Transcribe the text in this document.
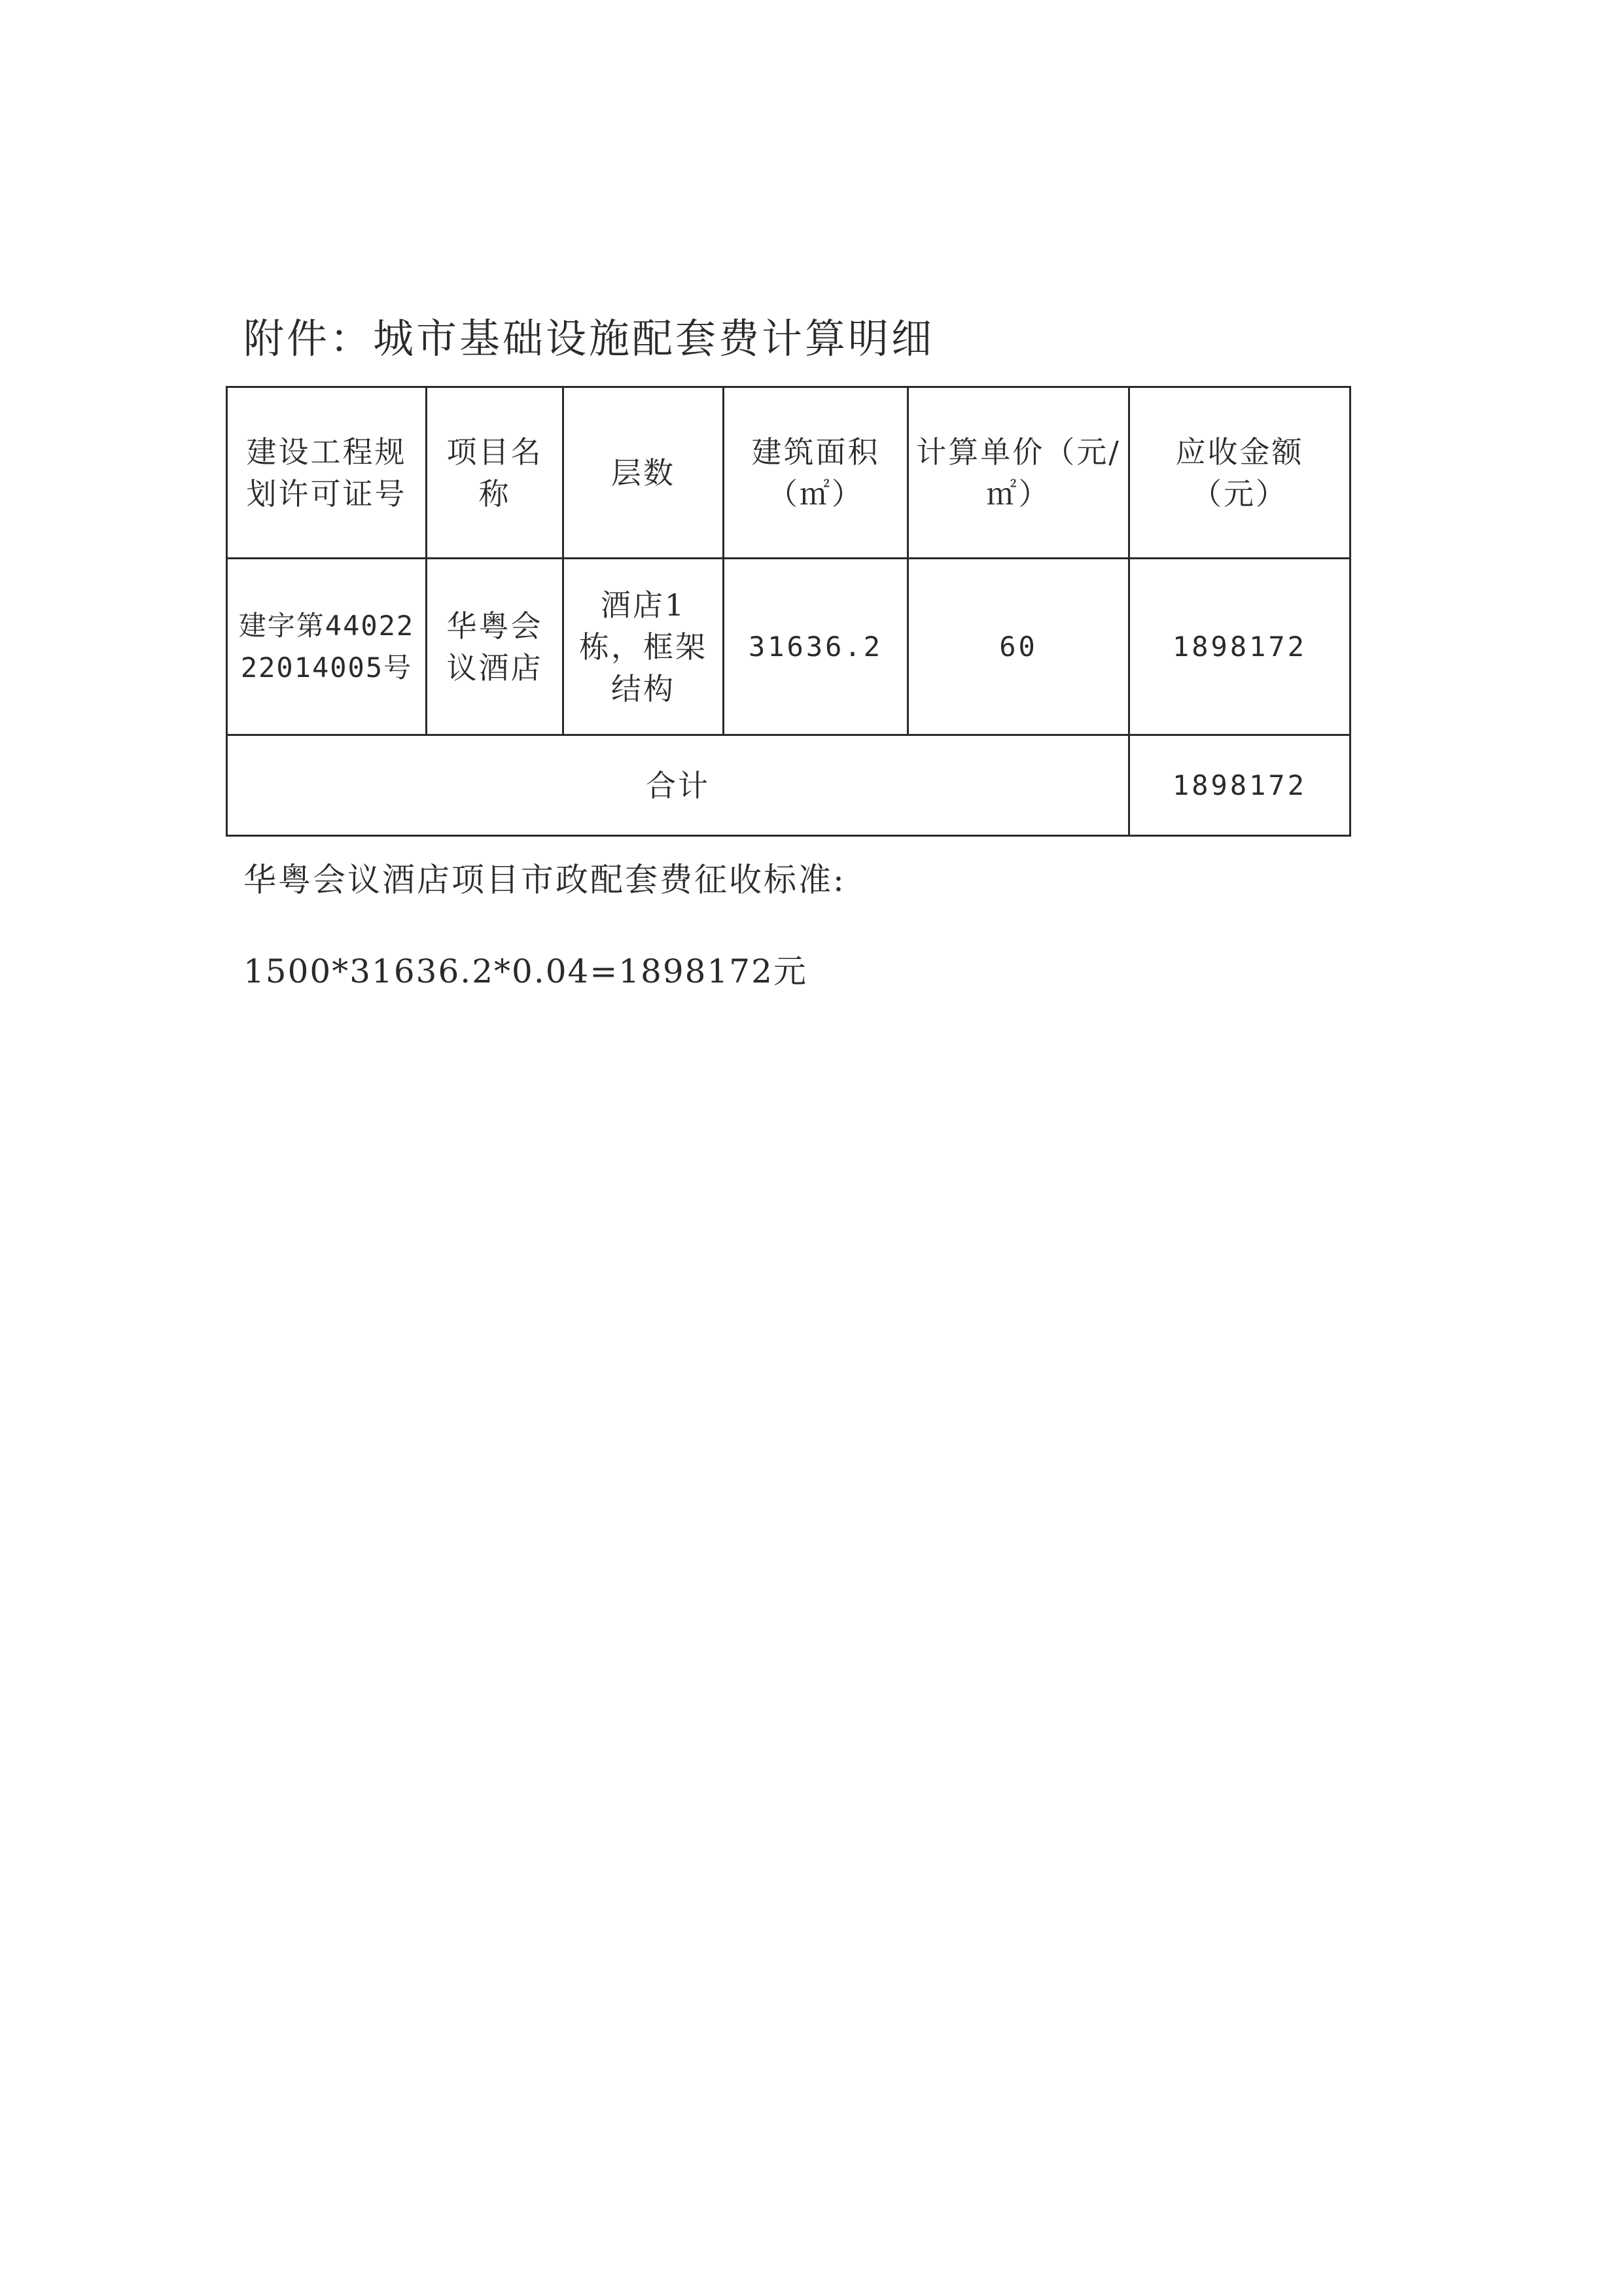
附件：城市基础设施配套费计算明细
建设工程规划许可证号	项目名称	层数	建筑面积（㎡）	计算单价（元/㎡）	应收金额（元）
建字第4402222014005号	华粤会议酒店	酒店1栋，框架结构	31636.2	60	1898172
合计					1898172
华粤会议酒店项目市政配套费征收标准:
1500*31636.2*0.04=1898172元
